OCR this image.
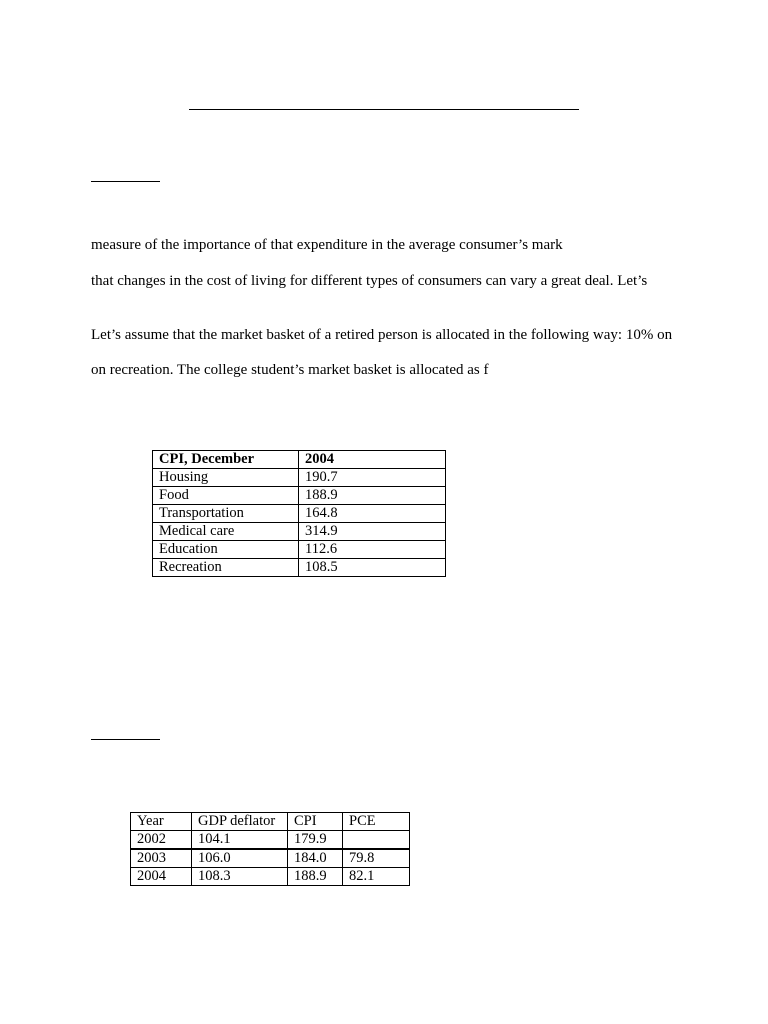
measure of the importance of that expenditure in the average consumer’s mark
that changes in the cost of living for different types of consumers can vary a great deal. Let’s
Let’s assume that the market basket of a retired person is allocated in the following way: 10% on
on recreation. The college student’s market basket is allocated as f
CPI, December	2004
Housing	190.7
Food	188.9
Transportation	164.8
Medical care	314.9
Education	112.6
Recreation	108.5
Year	GDP deflator	CPI	PCE
2002	104.1	179.9	
2003	106.0	184.0	79.8
2004	108.3	188.9	82.1
